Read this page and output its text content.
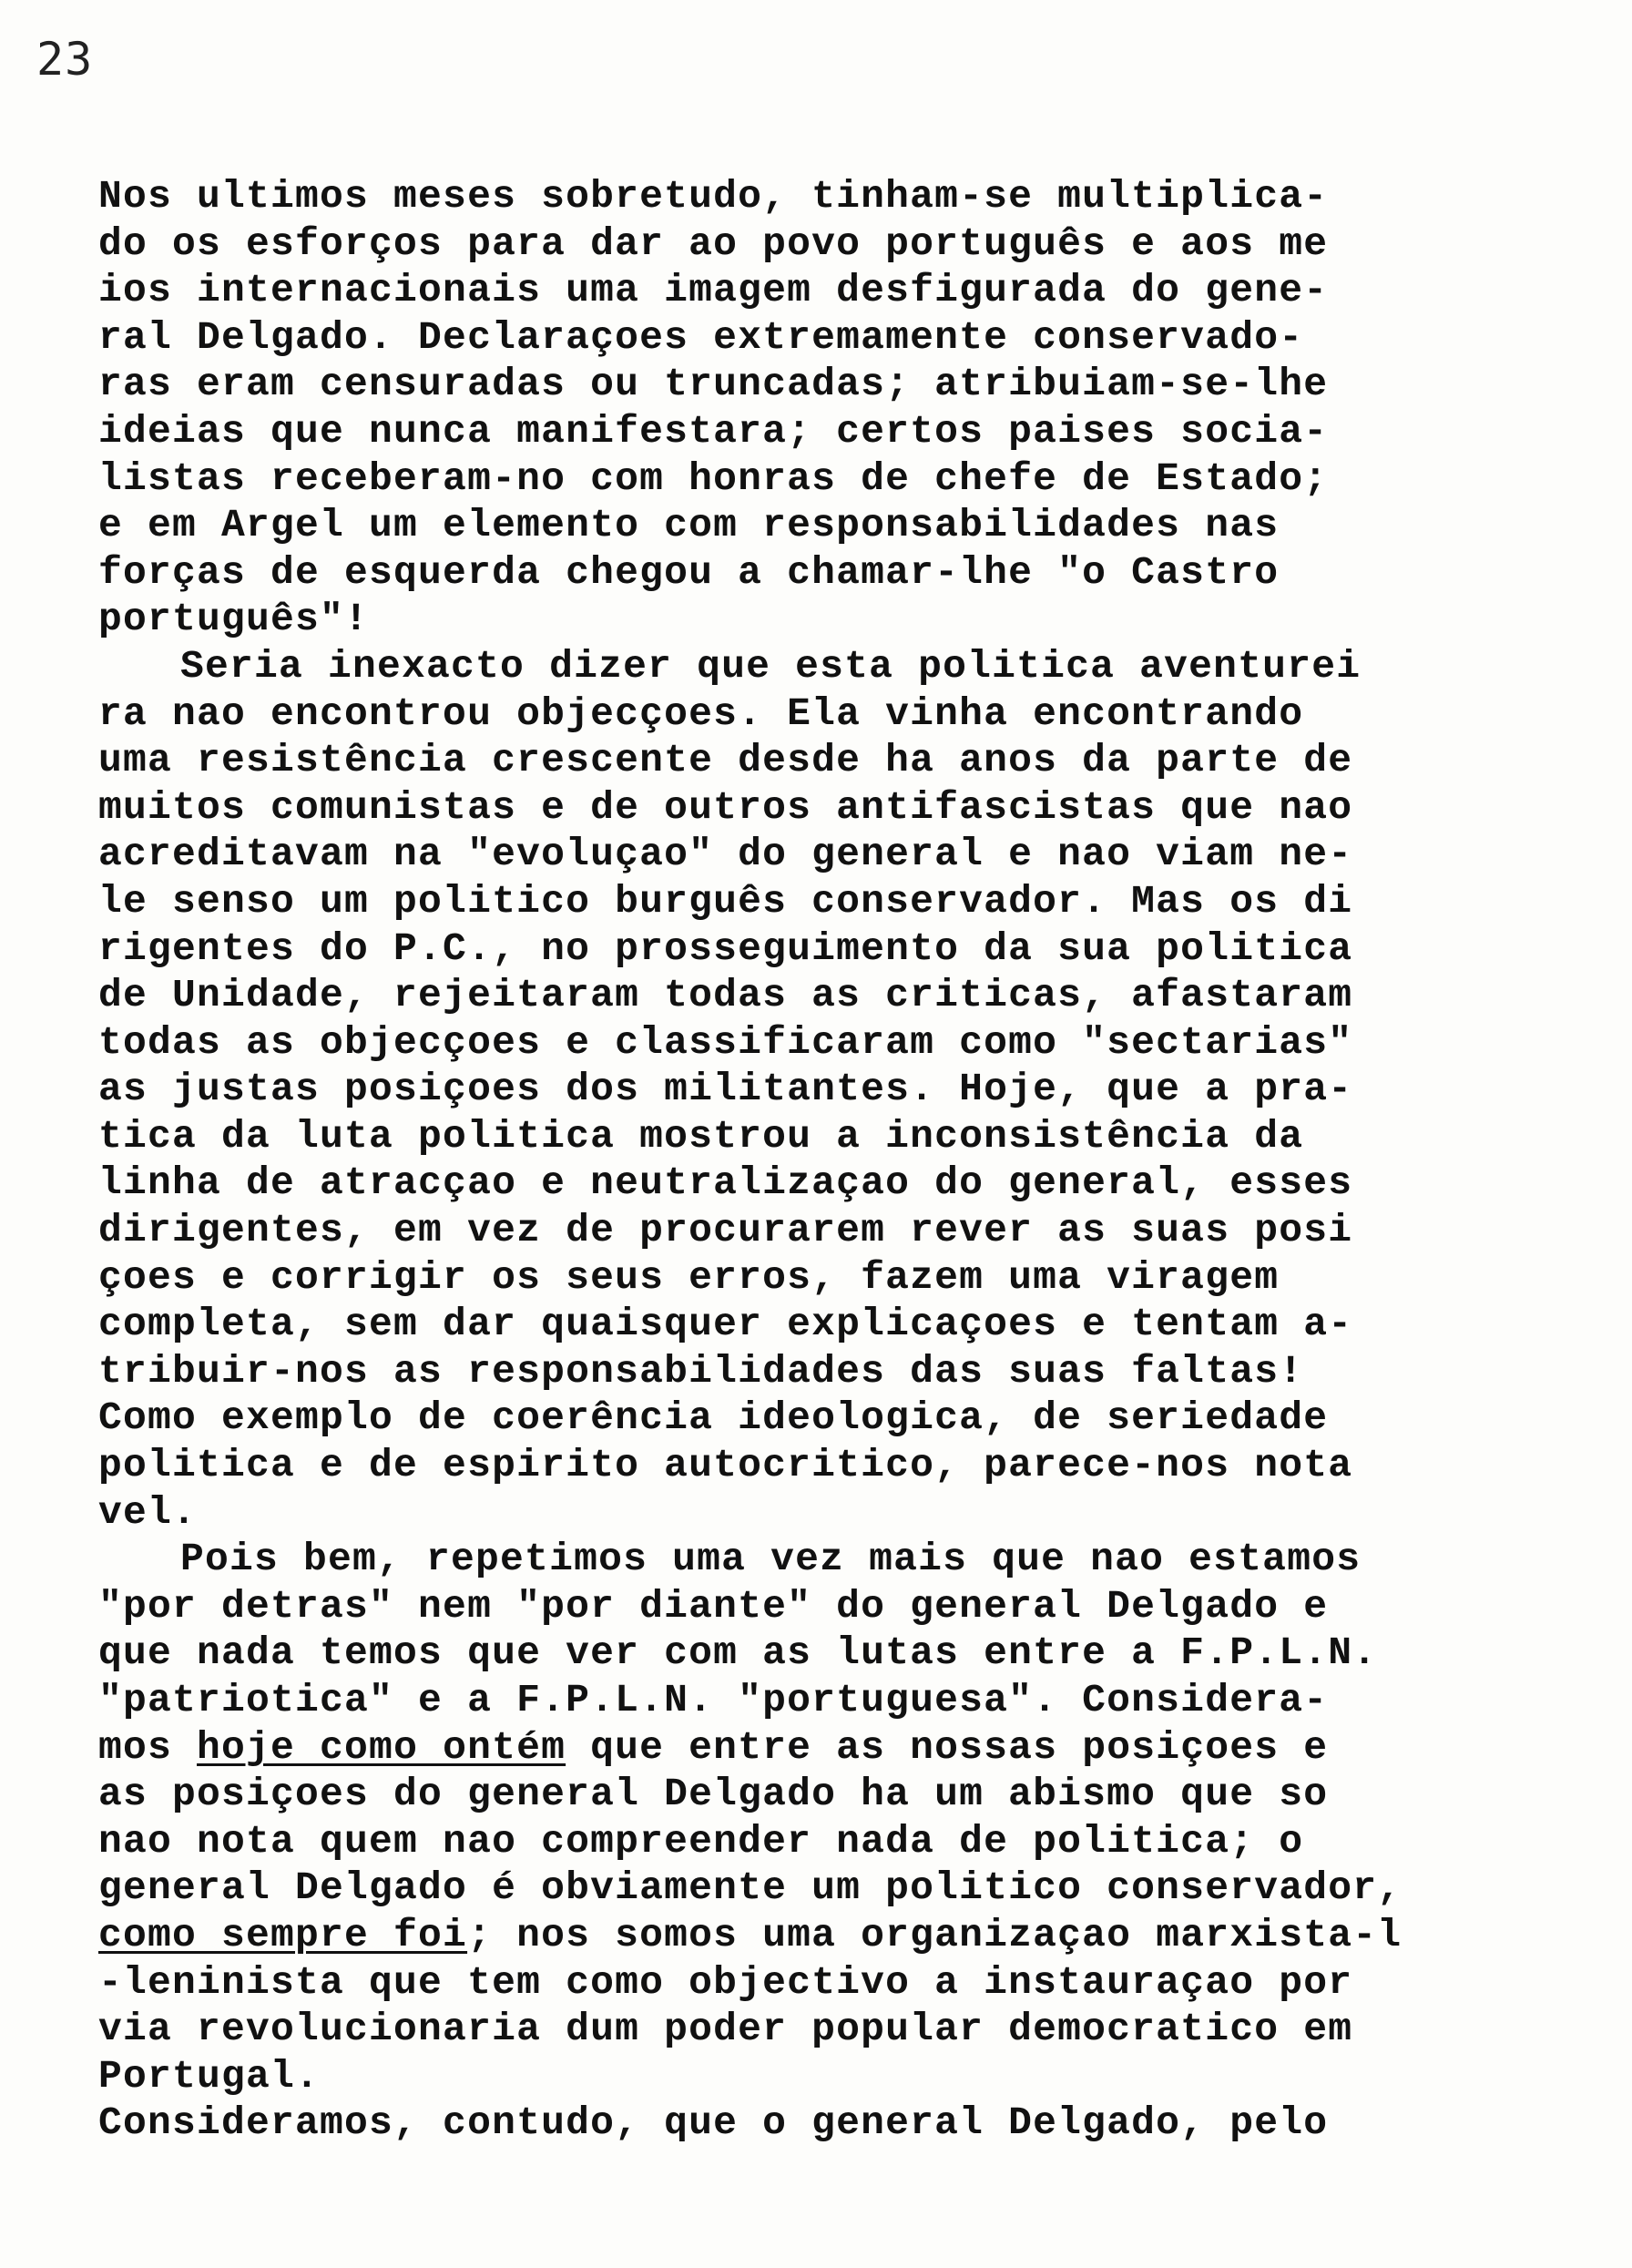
23
Nos ultimos meses sobretudo, tinham-se multiplica-
do os esforços para dar ao povo português e aos me
ios internacionais uma imagem desfigurada do gene-
ral Delgado. Declaraçoes extremamente conservado-
ras eram censuradas ou truncadas; atribuiam-se-lhe
ideias que nunca manifestara; certos paises socia-
listas receberam-no com honras de chefe de Estado;
e em Argel um elemento com responsabilidades nas
forças de esquerda chegou a chamar-lhe "o Castro
português"!
Seria inexacto dizer que esta politica aventurei
ra nao encontrou objecçoes. Ela vinha encontrando
uma resistência crescente desde ha anos da parte de
muitos comunistas e de outros antifascistas que nao
acreditavam na "evoluçao" do general e nao viam ne-
le senso um politico burguês conservador. Mas os di
rigentes do P.C., no prosseguimento da sua politica
de Unidade, rejeitaram todas as criticas, afastaram
todas as objecçoes e classificaram como "sectarias"
as justas posiçoes dos militantes. Hoje, que a pra-
tica da luta politica mostrou a inconsistência da
linha de atracçao e neutralizaçao do general, esses
dirigentes, em vez de procurarem rever as suas posi
çoes e corrigir os seus erros, fazem uma viragem
completa, sem dar quaisquer explicaçoes e tentam a-
tribuir-nos as responsabilidades das suas faltas!
Como exemplo de coerência ideologica, de seriedade
politica e de espirito autocritico, parece-nos nota
vel.
Pois bem, repetimos uma vez mais que nao estamos
"por detras" nem "por diante" do general Delgado e
que nada temos que ver com as lutas entre a F.P.L.N.
"patriotica" e a F.P.L.N. "portuguesa". Considera-
mos hoje como ontém que entre as nossas posiçoes e
as posiçoes do general Delgado ha um abismo que so
nao nota quem nao compreender nada de politica; o
general Delgado é obviamente um politico conservador,
como sempre foi; nos somos uma organizaçao marxista-l
-leninista que tem como objectivo a instauraçao por
via revolucionaria dum poder popular democratico em
Portugal.
Consideramos, contudo, que o general Delgado, pelo
